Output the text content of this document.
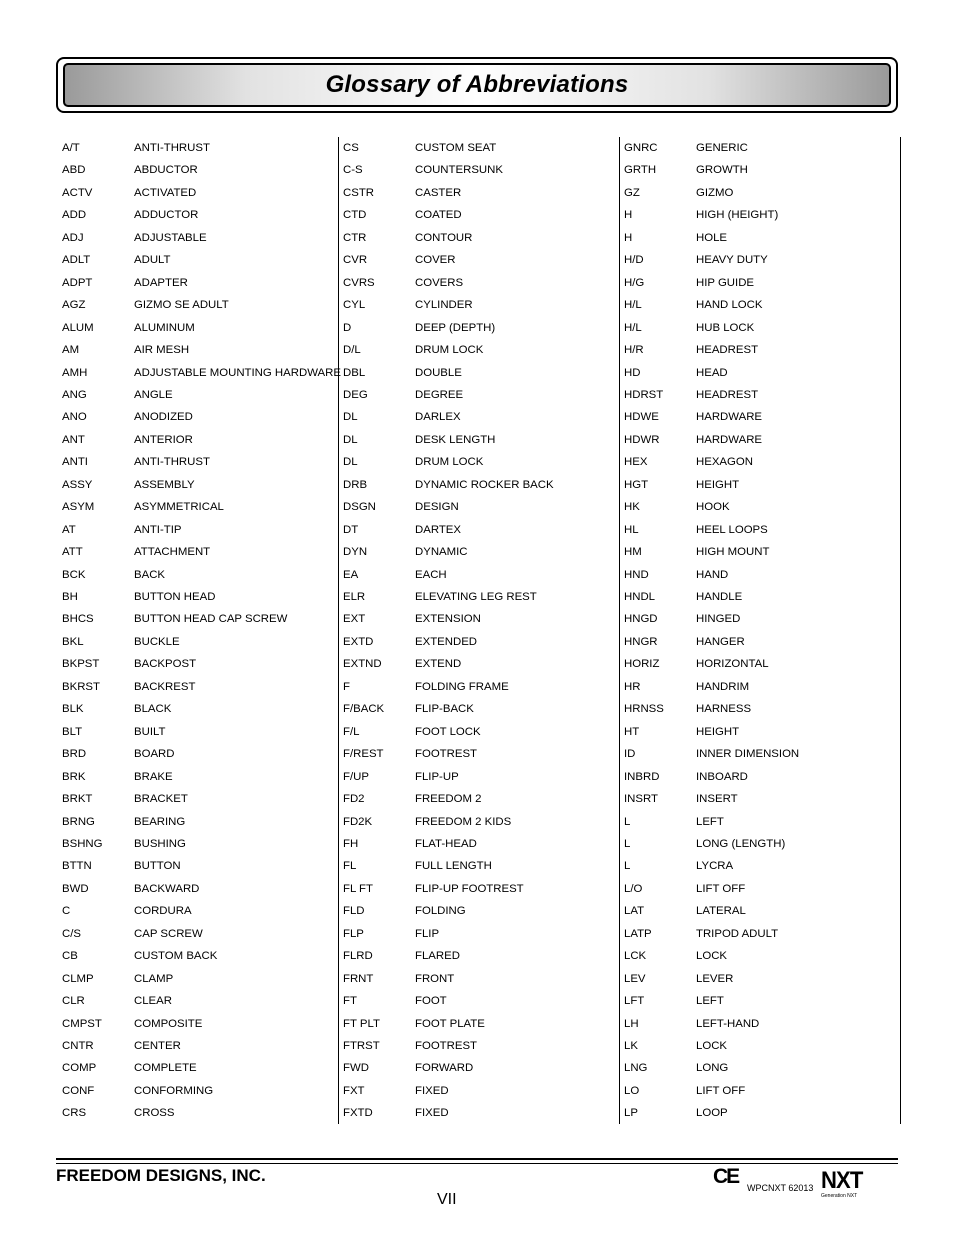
Glossary of Abbreviations
A/T	ANTI-THRUST
ABD	ABDUCTOR
ACTV	ACTIVATED
ADD	ADDUCTOR
ADJ	ADJUSTABLE
ADLT	ADULT
ADPT	ADAPTER
AGZ	GIZMO SE ADULT
ALUM	ALUMINUM
AM	AIR MESH
AMH	ADJUSTABLE MOUNTING HARDWARE
ANG	ANGLE
ANO	ANODIZED
ANT	ANTERIOR
ANTI	ANTI-THRUST
ASSY	ASSEMBLY
ASYM	ASYMMETRICAL
AT	ANTI-TIP
ATT	ATTACHMENT
BCK	BACK
BH	BUTTON HEAD
BHCS	BUTTON HEAD CAP SCREW
BKL	BUCKLE
BKPST	BACKPOST
BKRST	BACKREST
BLK	BLACK
BLT	BUILT
BRD	BOARD
BRK	BRAKE
BRKT	BRACKET
BRNG	BEARING
BSHNG	BUSHING
BTTN	BUTTON
BWD	BACKWARD
C	CORDURA
C/S	CAP SCREW
CB	CUSTOM BACK
CLMP	CLAMP
CLR	CLEAR
CMPST	COMPOSITE
CNTR	CENTER
COMP	COMPLETE
CONF	CONFORMING
CRS	CROSS
CS	CUSTOM SEAT
C-S	COUNTERSUNK
CSTR	CASTER
CTD	COATED
CTR	CONTOUR
CVR	COVER
CVRS	COVERS
CYL	CYLINDER
D	DEEP (DEPTH)
D/L	DRUM LOCK
DBL	DOUBLE
DEG	DEGREE
DL	DARLEX
DL	DESK LENGTH
DL	DRUM LOCK
DRB	DYNAMIC ROCKER BACK
DSGN	DESIGN
DT	DARTEX
DYN	DYNAMIC
EA	EACH
ELR	ELEVATING LEG REST
EXT	EXTENSION
EXTD	EXTENDED
EXTND	EXTEND
F	FOLDING FRAME
F/BACK	FLIP-BACK
F/L	FOOT LOCK
F/REST	FOOTREST
F/UP	FLIP-UP
FD2	FREEDOM 2
FD2K	FREEDOM 2 KIDS
FH	FLAT-HEAD
FL	FULL LENGTH
FL FT	FLIP-UP FOOTREST
FLD	FOLDING
FLP	FLIP
FLRD	FLARED
FRNT	FRONT
FT	FOOT
FT PLT	FOOT PLATE
FTRST	FOOTREST
FWD	FORWARD
FXT	FIXED
FXTD	FIXED
GNRC	GENERIC
GRTH	GROWTH
GZ	GIZMO
H	HIGH (HEIGHT)
H	HOLE
H/D	HEAVY DUTY
H/G	HIP GUIDE
H/L	HAND LOCK
H/L	HUB LOCK
H/R	HEADREST
HD	HEAD
HDRST	HEADREST
HDWE	HARDWARE
HDWR	HARDWARE
HEX	HEXAGON
HGT	HEIGHT
HK	HOOK
HL	HEEL LOOPS
HM	HIGH MOUNT
HND	HAND
HNDL	HANDLE
HNGD	HINGED
HNGR	HANGER
HORIZ	HORIZONTAL
HR	HANDRIM
HRNSS	HARNESS
HT	HEIGHT
ID	INNER DIMENSION
INBRD	INBOARD
INSRT	INSERT
L	LEFT
L	LONG (LENGTH)
L	LYCRA
L/O	LIFT OFF
LAT	LATERAL
LATP	TRIPOD ADULT
LCK	LOCK
LEV	LEVER
LFT	LEFT
LH	LEFT-HAND
LK	LOCK
LNG	LONG
LO	LIFT OFF
LP	LOOP
FREEDOM DESIGNS, INC.
VII
CE WPCNXT 62013 NXT
Generation NXT
